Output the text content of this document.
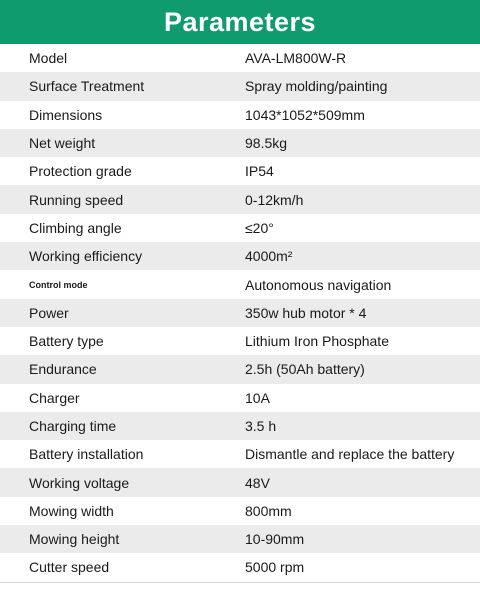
Parameters
Model	AVA-LM800W-R
Surface Treatment	Spray molding/painting
Dimensions	1043*1052*509mm
Net weight	98.5kg
Protection grade	IP54
Running speed	0-12km/h
Climbing angle	≤20°
Working efficiency	4000m²
Control mode	Autonomous navigation
Power	350w hub motor * 4
Battery type	Lithium Iron Phosphate
Endurance	2.5h (50Ah battery)
Charger	10A
Charging time	3.5 h
Battery installation	Dismantle and replace the battery
Working voltage	48V
Mowing width	800mm
Mowing height	10-90mm
Cutter speed	5000 rpm
